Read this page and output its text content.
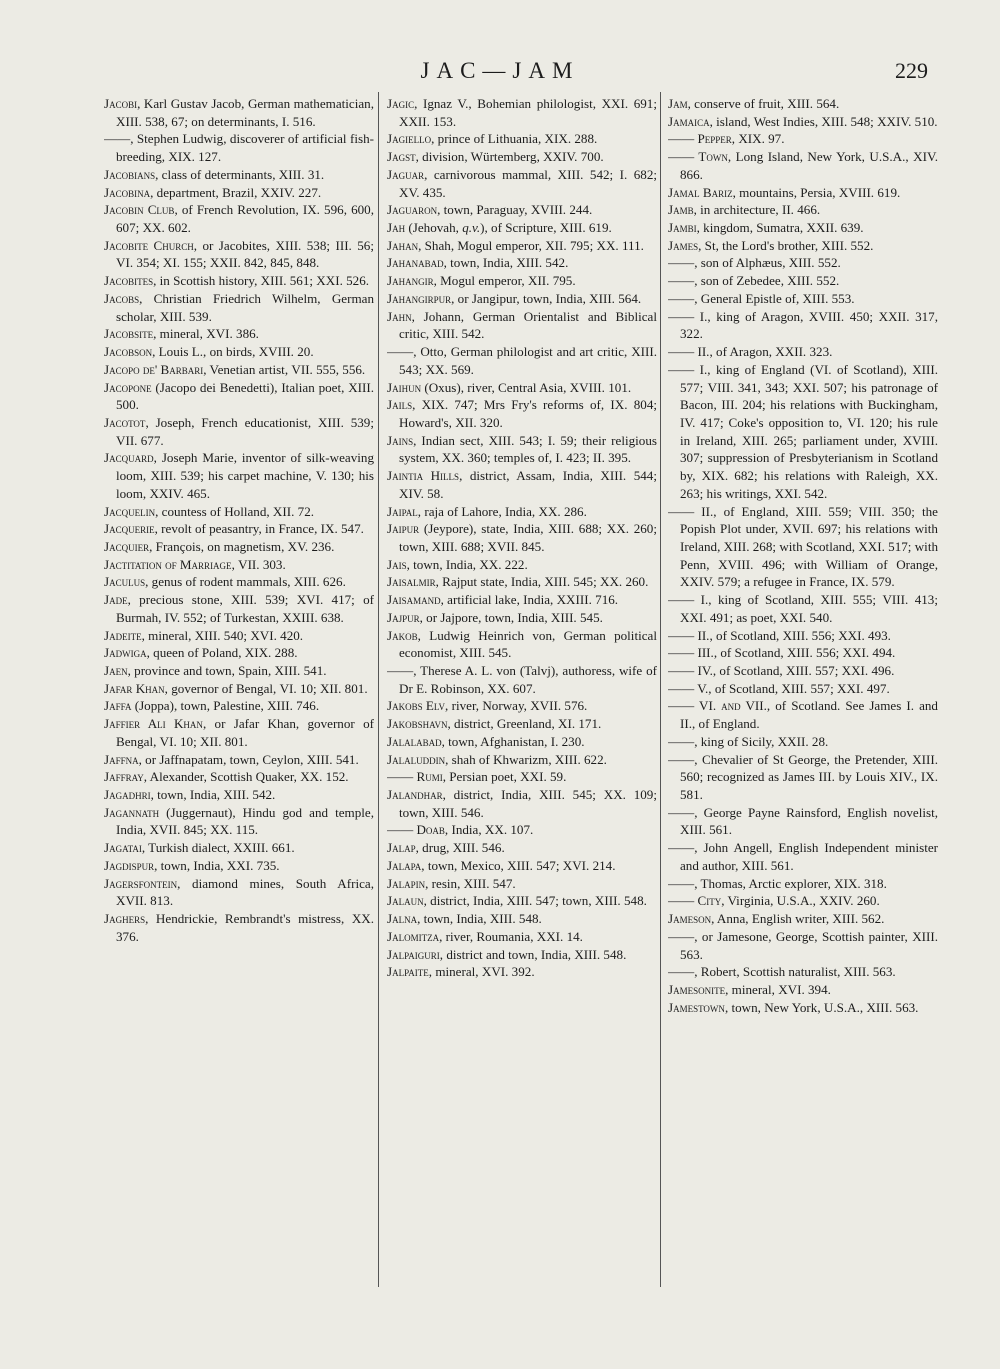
JAC—JAM	229

Jacobi, Karl Gustav Jacob, German mathematician, XIII. 538, 67; on determinants, I. 516.

——, Stephen Ludwig, discoverer of artificial fish-breeding, XIX. 127.

Jacobians, class of determinants, XIII. 31.

Jacobina, department, Brazil, XXIV. 227.

Jacobin Club, of French Revolution, IX. 596, 600, 607; XX. 602.

Jacobite Church, or Jacobites, XIII. 538; III. 56; VI. 354; XI. 155; XXII. 842, 845, 848.

Jacobites, in Scottish history, XIII. 561; XXI. 526.

Jacobs, Christian Friedrich Wilhelm, German scholar, XIII. 539.

Jacobsite, mineral, XVI. 386.

Jacobson, Louis L., on birds, XVIII. 20.

Jacopo de' Barbari, Venetian artist, VII. 555, 556.

Jacopone (Jacopo dei Benedetti), Italian poet, XIII. 500.

Jacotot, Joseph, French educationist, XIII. 539; VII. 677.

Jacquard, Joseph Marie, inventor of silk-weaving loom, XIII. 539; his carpet machine, V. 130; his loom, XXIV. 465.

Jacquelin, countess of Holland, XII. 72.

Jacquerie, revolt of peasantry, in France, IX. 547.

Jacquier, François, on magnetism, XV. 236.

Jactitation of Marriage, VII. 303.

Jaculus, genus of rodent mammals, XIII. 626.

Jade, precious stone, XIII. 539; XVI. 417; of Burmah, IV. 552; of Turkestan, XXIII. 638.

Jadeite, mineral, XIII. 540; XVI. 420.

Jadwiga, queen of Poland, XIX. 288.

Jaen, province and town, Spain, XIII. 541.

Jafar Khan, governor of Bengal, VI. 10; XII. 801.

Jaffa (Joppa), town, Palestine, XIII. 746.

Jaffier Ali Khan, or Jafar Khan, governor of Bengal, VI. 10; XII. 801.

Jaffna, or Jaffnapatam, town, Ceylon, XIII. 541.

Jaffray, Alexander, Scottish Quaker, XX. 152.

Jagadhri, town, India, XIII. 542.

Jagannath (Juggernaut), Hindu god and temple, India, XVII. 845; XX. 115.

Jagatai, Turkish dialect, XXIII. 661.

Jagdispur, town, India, XXI. 735.

Jagersfontein, diamond mines, South Africa, XVII. 813.

Jaghers, Hendrickie, Rembrandt's mistress, XX. 376.

Jagic, Ignaz V., Bohemian philologist, XXI. 691; XXII. 153.

Jagiello, prince of Lithuania, XIX. 288.

Jagst, division, Würtemberg, XXIV. 700.

Jaguar, carnivorous mammal, XIII. 542; I. 682; XV. 435.

Jaguaron, town, Paraguay, XVIII. 244.

Jah (Jehovah, q.v.), of Scripture, XIII. 619.

Jahan, Shah, Mogul emperor, XII. 795; XX. 111.

Jahanabad, town, India, XIII. 542.

Jahangir, Mogul emperor, XII. 795.

Jahangirpur, or Jangipur, town, India, XIII. 564.

Jahn, Johann, German Orientalist and Biblical critic, XIII. 542.

——, Otto, German philologist and art critic, XIII. 543; XX. 569.

Jaihun (Oxus), river, Central Asia, XVIII. 101.

Jails, XIX. 747; Mrs Fry's reforms of, IX. 804; Howard's, XII. 320.

Jains, Indian sect, XIII. 543; I. 59; their religious system, XX. 360; temples of, I. 423; II. 395.

Jaintia Hills, district, Assam, India, XIII. 544; XIV. 58.

Jaipal, raja of Lahore, India, XX. 286.

Jaipur (Jeypore), state, India, XIII. 688; XX. 260; town, XIII. 688; XVII. 845.

Jais, town, India, XX. 222.

Jaisalmir, Rajput state, India, XIII. 545; XX. 260.

Jaisamand, artificial lake, India, XXIII. 716.

Jajpur, or Jajpore, town, India, XIII. 545.

Jakob, Ludwig Heinrich von, German political economist, XIII. 545.

——, Therese A. L. von (Talvj), authoress, wife of Dr E. Robinson, XX. 607.

Jakobs Elv, river, Norway, XVII. 576.

Jakobshavn, district, Greenland, XI. 171.

Jalalabad, town, Afghanistan, I. 230.

Jalaluddin, shah of Khwarizm, XIII. 622.

—— Rumi, Persian poet, XXI. 59.

Jalandhar, district, India, XIII. 545; XX. 109; town, XIII. 546.

—— Doab, India, XX. 107.

Jalap, drug, XIII. 546.

Jalapa, town, Mexico, XIII. 547; XVI. 214.

Jalapin, resin, XIII. 547.

Jalaun, district, India, XIII. 547; town, XIII. 548.

Jalna, town, India, XIII. 548.

Jalomitza, river, Roumania, XXI. 14.

Jalpaiguri, district and town, India, XIII. 548.

Jalpaite, mineral, XVI. 392.

Jam, conserve of fruit, XIII. 564.

Jamaica, island, West Indies, XIII. 548; XXIV. 510.

—— Pepper, XIX. 97.

—— Town, Long Island, New York, U.S.A., XIV. 866.

Jamal Bariz, mountains, Persia, XVIII. 619.

Jamb, in architecture, II. 466.

Jambi, kingdom, Sumatra, XXII. 639.

James, St, the Lord's brother, XIII. 552.

——, son of Alphæus, XIII. 552.

——, son of Zebedee, XIII. 552.

——, General Epistle of, XIII. 553.

—— I., king of Aragon, XVIII. 450; XXII. 317, 322.

—— II., of Aragon, XXII. 323.

—— I., king of England (VI. of Scotland), XIII. 577; VIII. 341, 343; XXI. 507; his patronage of Bacon, III. 204; his relations with Buckingham, IV. 417; Coke's opposition to, VI. 120; his rule in Ireland, XIII. 265; parliament under, XVIII. 307; suppression of Presbyterianism in Scotland by, XIX. 682; his relations with Raleigh, XX. 263; his writings, XXI. 542.

—— II., of England, XIII. 559; VIII. 350; the Popish Plot under, XVII. 697; his relations with Ireland, XIII. 268; with Scotland, XXI. 517; with Penn, XVIII. 496; with William of Orange, XXIV. 579; a refugee in France, IX. 579.

—— I., king of Scotland, XIII. 555; VIII. 413; XXI. 491; as poet, XXI. 540.

—— II., of Scotland, XIII. 556; XXI. 493.

—— III., of Scotland, XIII. 556; XXI. 494.

—— IV., of Scotland, XIII. 557; XXI. 496.

—— V., of Scotland, XIII. 557; XXI. 497.

—— VI. and VII., of Scotland. See James I. and II., of England.

——, king of Sicily, XXII. 28.

——, Chevalier of St George, the Pretender, XIII. 560; recognized as James III. by Louis XIV., IX. 581.

——, George Payne Rainsford, English novelist, XIII. 561.

——, John Angell, English Independent minister and author, XIII. 561.

——, Thomas, Arctic explorer, XIX. 318.

—— City, Virginia, U.S.A., XXIV. 260.

Jameson, Anna, English writer, XIII. 562.

——, or Jamesone, George, Scottish painter, XIII. 563.

——, Robert, Scottish naturalist, XIII. 563.

Jamesonite, mineral, XVI. 394.

Jamestown, town, New York, U.S.A., XIII. 563.
